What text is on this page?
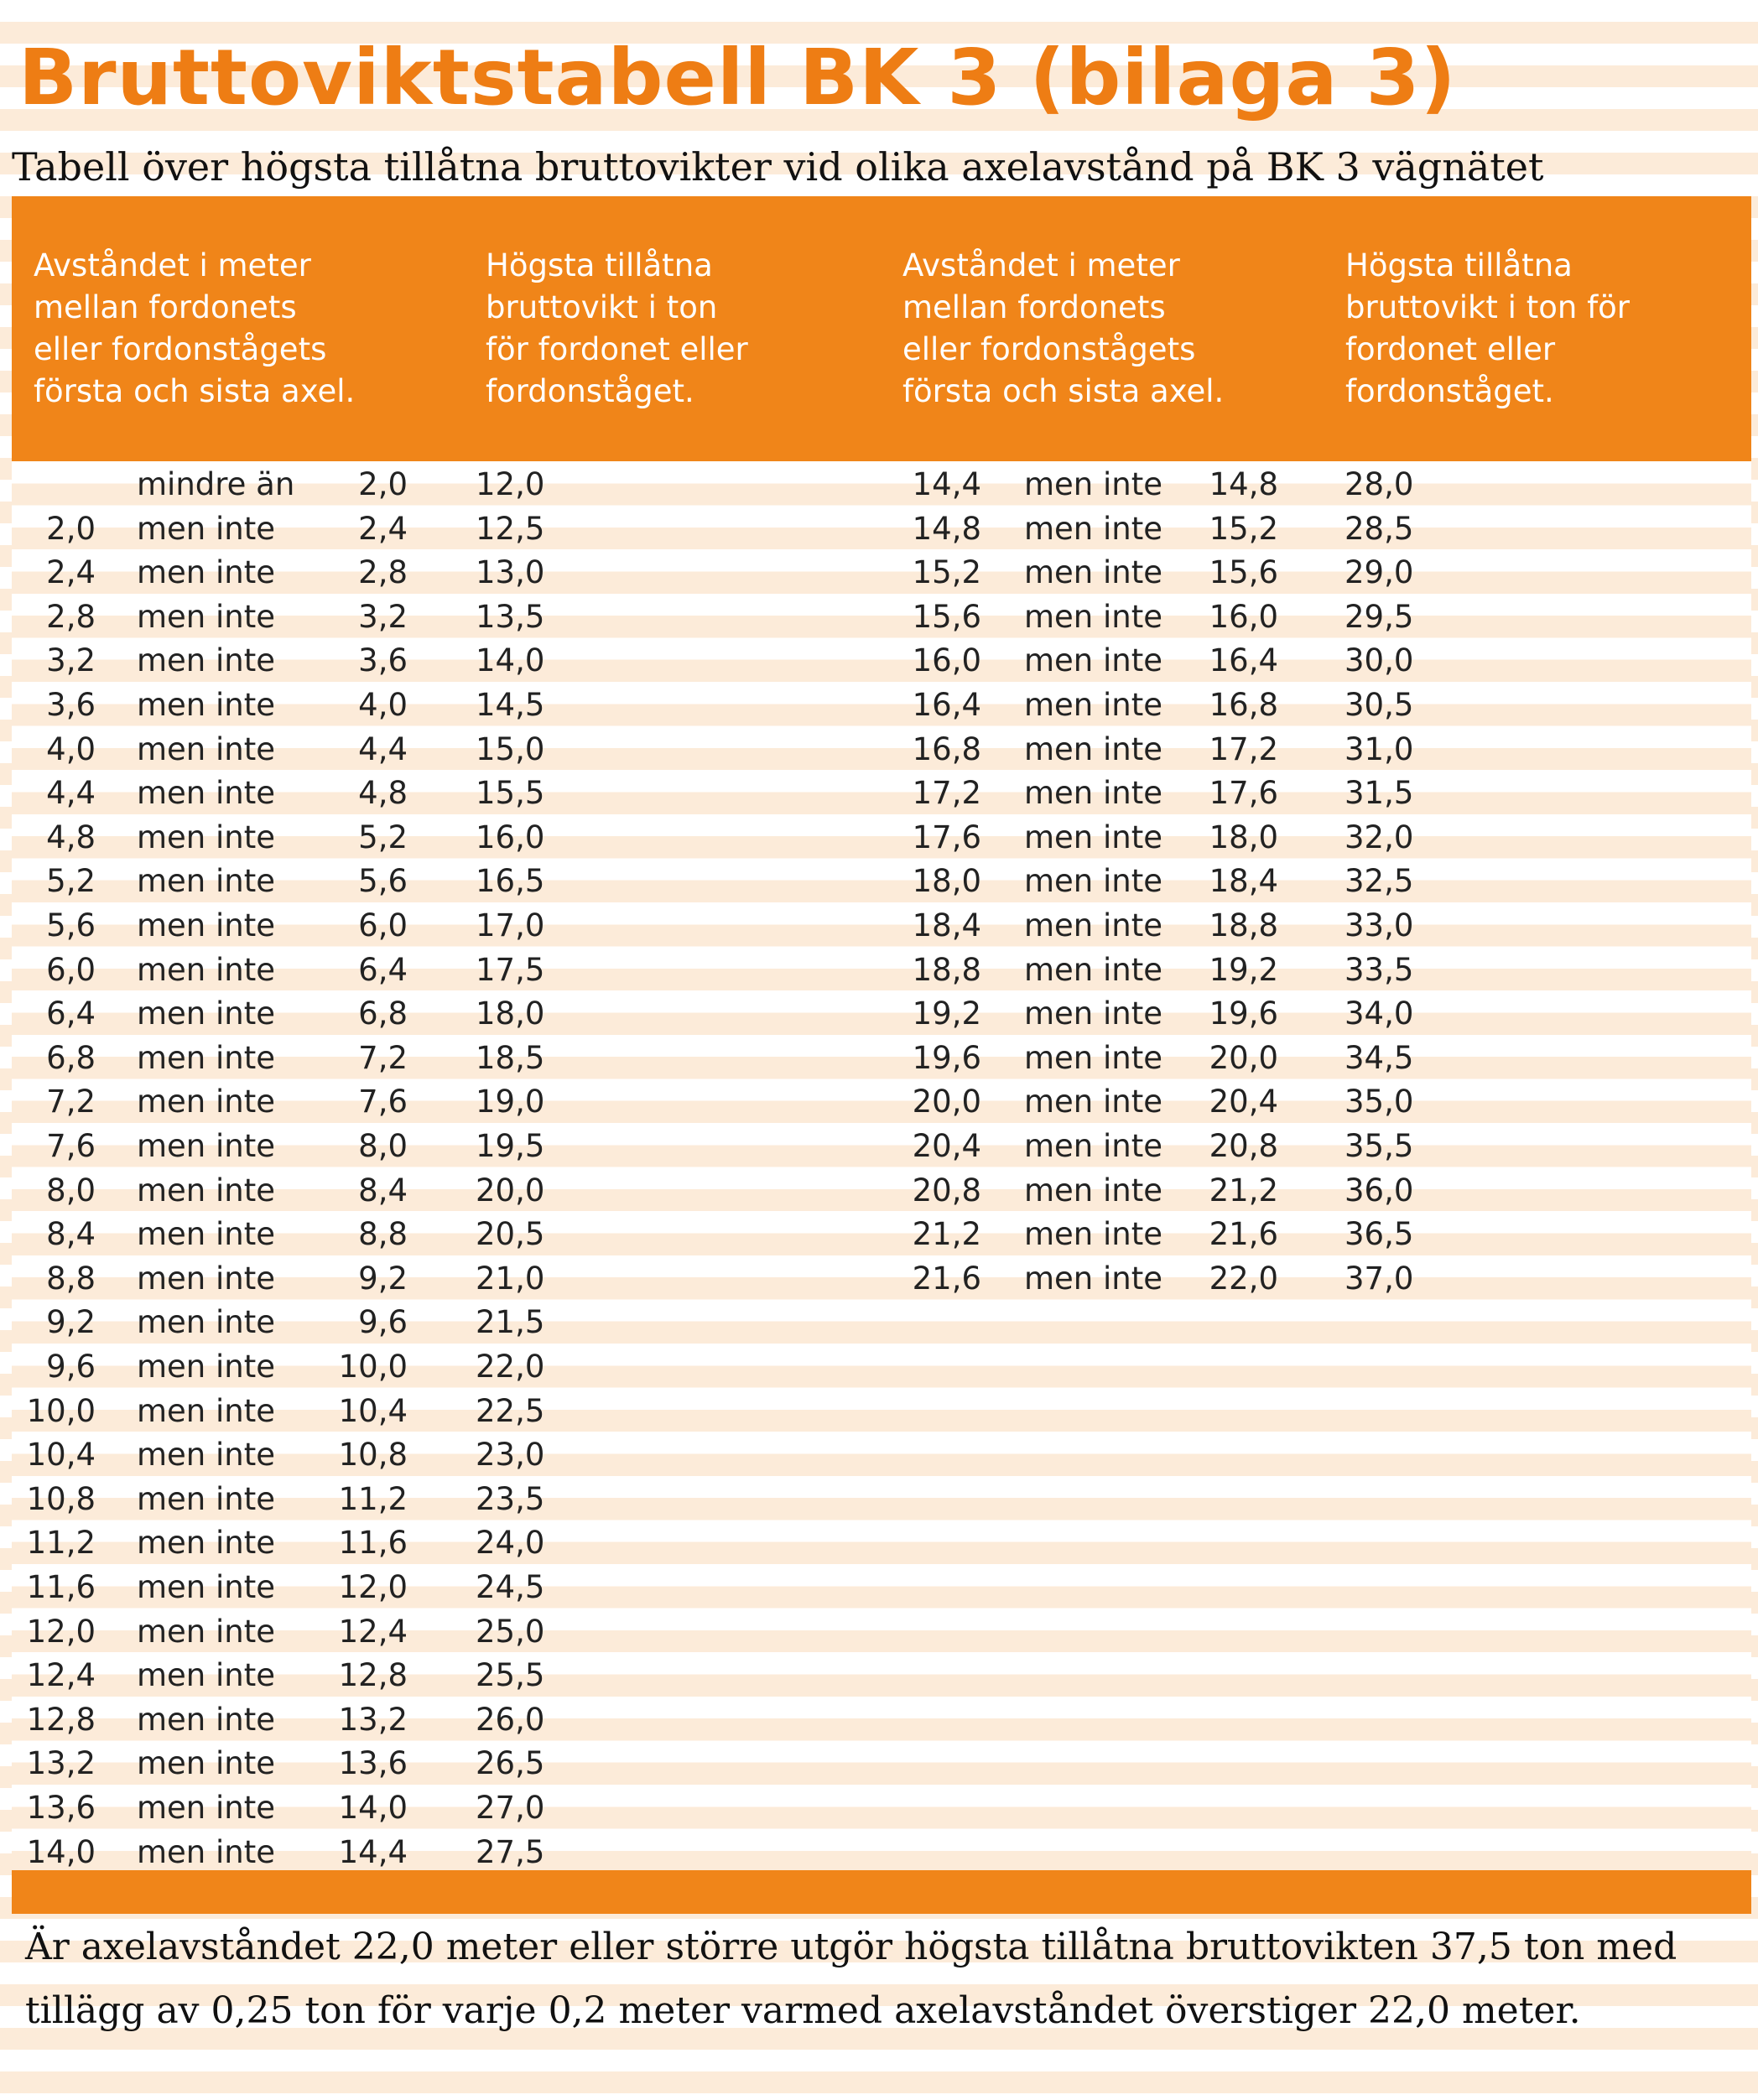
Bruttoviktstabell BK 3 (bilaga 3)
Tabell över högsta tillåtna bruttovikter vid olika axelavstånd på BK 3 vägnätet
Avståndet i meter
mellan fordonets
eller fordonstågets
första och sista axel.
Högsta tillåtna
bruttovikt i ton
för fordonet eller
fordonståget.
Avståndet i meter
mellan fordonets
eller fordonstågets
första och sista axel.
Högsta tillåtna
bruttovikt i ton för
fordonet eller
fordonståget.
mindre än	2,0 12,0
2,0 men inte	2,4 12,5
2,4 men inte	2,8 13,0
2,8 men inte	3,2 13,5
3,2 men inte	3,6 14,0
3,6 men inte	4,0 14,5
4,0 men inte	4,4 15,0
4,4 men inte	4,8 15,5
4,8 men inte	5,2 16,0
5,2 men inte	5,6 16,5
5,6 men inte	6,0 17,0
6,0 men inte	6,4 17,5
6,4 men inte	6,8 18,0
6,8 men inte	7,2 18,5
7,2 men inte	7,6 19,0
7,6 men inte	8,0 19,5
8,0 men inte	8,4 20,0
8,4 men inte	8,8 20,5
8,8 men inte	9,2 21,0
9,2 men inte	9,6 21,5
9,6 men inte	10,0 22,0
10,0 men inte	10,4 22,5
10,4 men inte	10,8 23,0
10,8 men inte	11,2 23,5
11,2 men inte	11,6 24,0
11,6 men inte	12,0 24,5
12,0 men inte	12,4 25,0
12,4 men inte	12,8 25,5
12,8 men inte	13,2 26,0
13,2 men inte	13,6 26,5
13,6 men inte	14,0 27,0
14,0 men inte	14,4 27,5
14,4 men inte	14,8 28,0
14,8 men inte	15,2 28,5
15,2 men inte	15,6 29,0
15,6 men inte	16,0 29,5
16,0 men inte	16,4 30,0
16,4 men inte	16,8 30,5
16,8 men inte	17,2 31,0
17,2 men inte	17,6 31,5
17,6 men inte	18,0 32,0
18,0 men inte	18,4 32,5
18,4 men inte	18,8 33,0
18,8 men inte	19,2 33,5
19,2 men inte	19,6 34,0
19,6 men inte	20,0 34,5
20,0 men inte	20,4 35,0
20,4 men inte	20,8 35,5
20,8 men inte	21,2 36,0
21,2 men inte	21,6 36,5
21,6 men inte	22,0 37,0
Är axelavståndet 22,0 meter eller större utgör högsta tillåtna bruttovikten 37,5 ton med tillägg av 0,25 ton för varje 0,2 meter varmed axelavståndet överstiger 22,0 meter.
